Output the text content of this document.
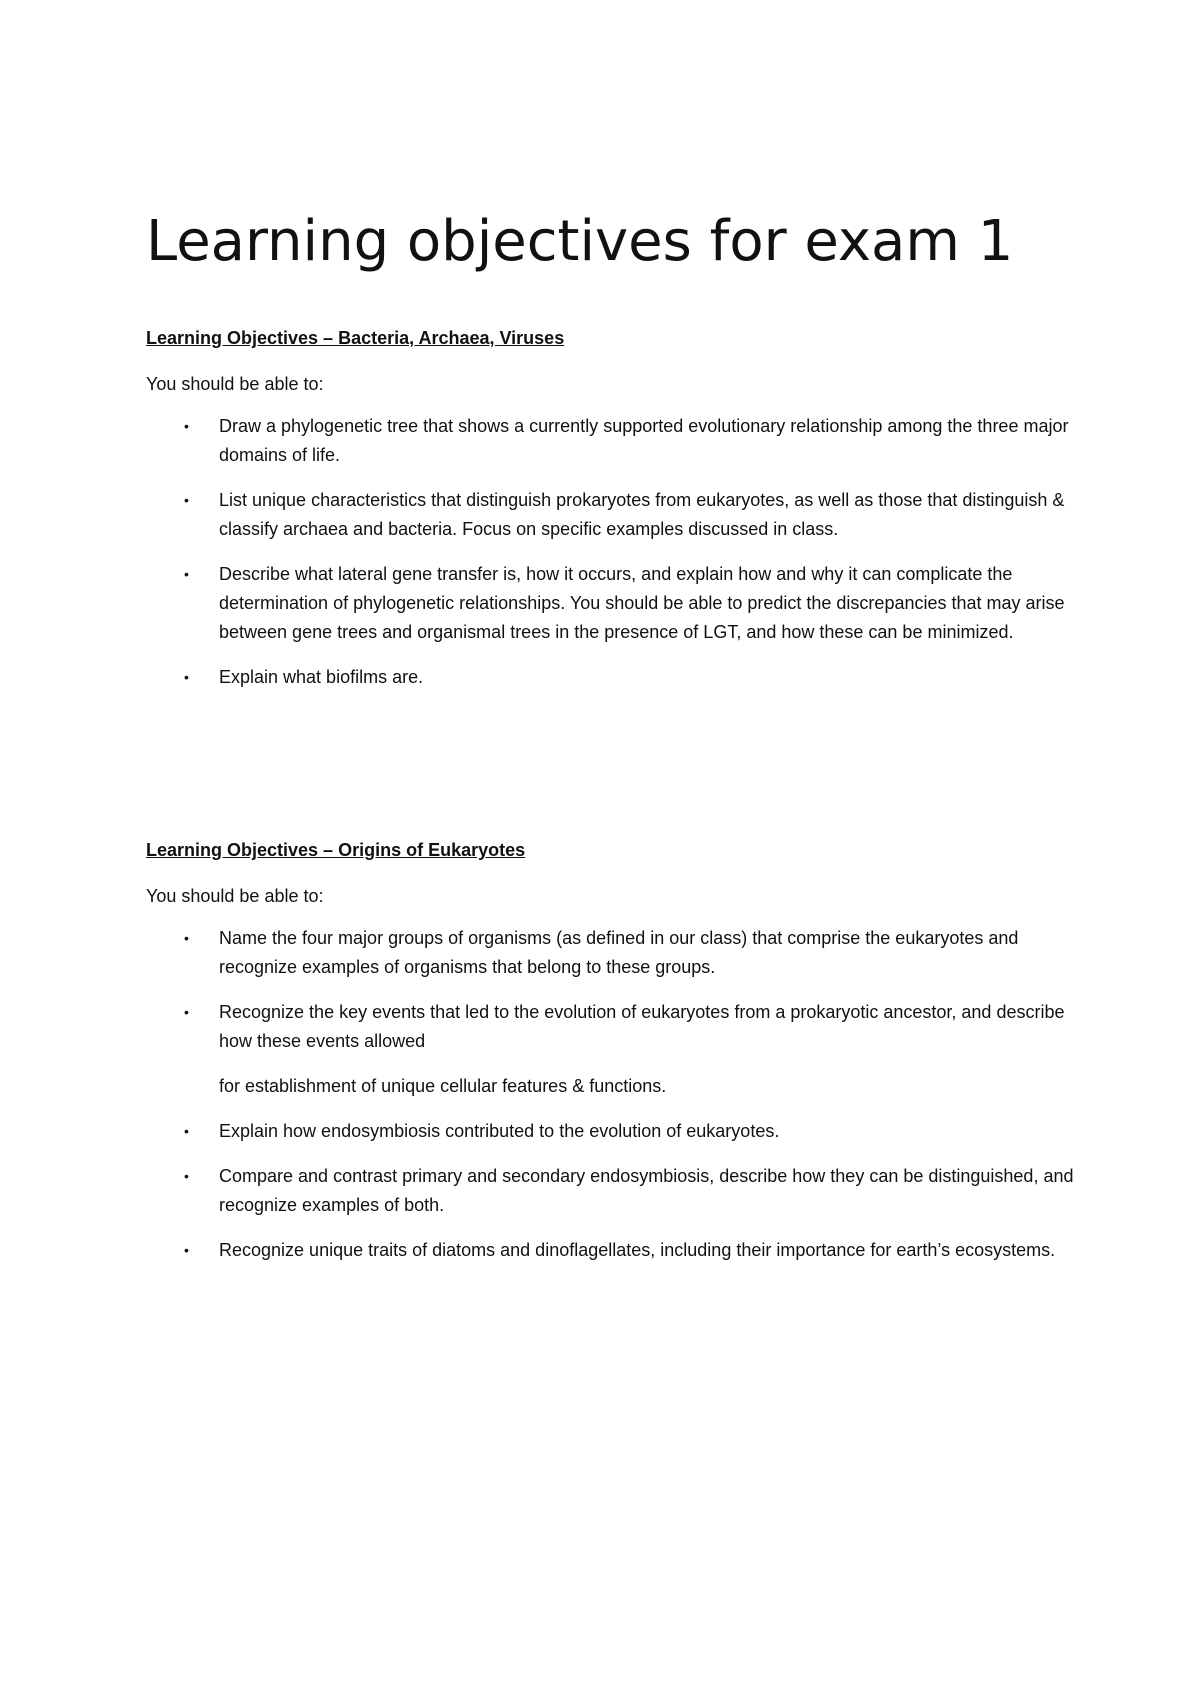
Learning objectives for exam 1

Learning Objectives – Bacteria, Archaea, Viruses

You should be able to:

• Draw a phylogenetic tree that shows a currently supported evolutionary relationship among the three major domains of life.
• List unique characteristics that distinguish prokaryotes from eukaryotes, as well as those that distinguish & classify archaea and bacteria. Focus on specific examples discussed in class.
• Describe what lateral gene transfer is, how it occurs, and explain how and why it can complicate the determination of phylogenetic relationships. You should be able to predict the discrepancies that may arise between gene trees and organismal trees in the presence of LGT, and how these can be minimized.
• Explain what biofilms are.

Learning Objectives – Origins of Eukaryotes

You should be able to:

• Name the four major groups of organisms (as defined in our class) that comprise the eukaryotes and recognize examples of organisms that belong to these groups.
• Recognize the key events that led to the evolution of eukaryotes from a prokaryotic ancestor, and describe how these events allowed
for establishment of unique cellular features & functions.
• Explain how endosymbiosis contributed to the evolution of eukaryotes.
• Compare and contrast primary and secondary endosymbiosis, describe how they can be distinguished, and recognize examples of both.
• Recognize unique traits of diatoms and dinoflagellates, including their importance for earth’s ecosystems.
